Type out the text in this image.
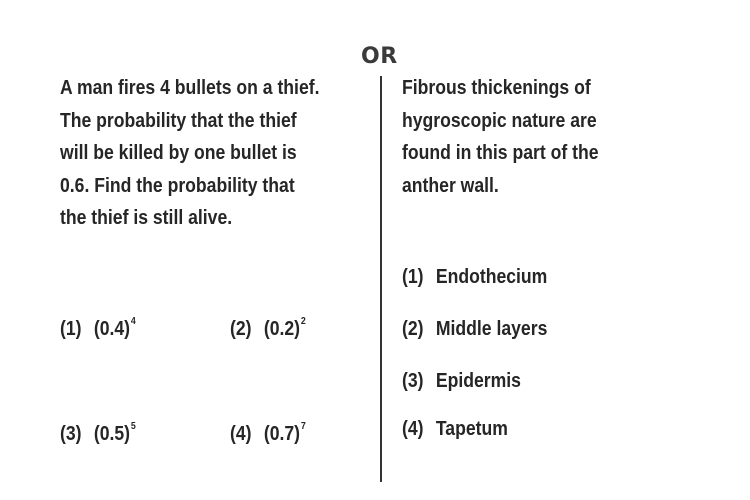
OR
A man fires 4 bullets on a thief.
The probability that the thief
will be killed by one bullet is
0.6. Find the probability that
the thief is still alive.
(1) $(0.4)^4$	(2) $(0.2)^2$
(3) $(0.5)^5$	(4) $(0.7)^7$
Fibrous thickenings of
hygroscopic nature are
found in this part of the
anther wall.
(1) Endothecium
(2) Middle layers
(3) Epidermis
(4) Tapetum
